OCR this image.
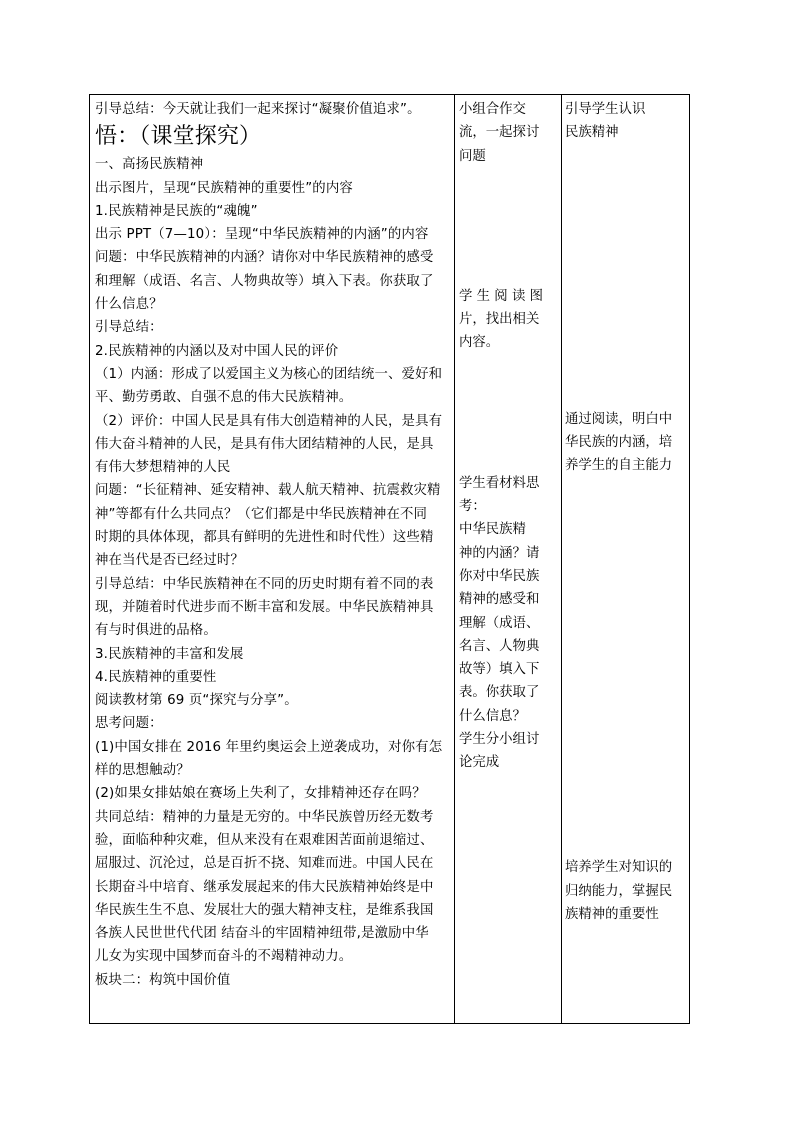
引导总结：今天就让我们一起来探讨“凝聚价值追求”。
悟：（课堂探究）
一、高扬民族精神
出示图片，呈现“民族精神的重要性”的内容
1.民族精神是民族的“魂魄”
出示 PPT（7—10）：呈现“中华民族精神的内涵”的内容
问题：中华民族精神的内涵？请你对中华民族精神的感受
和理解（成语、名言、人物典故等）填入下表。你获取了
什么信息？
引导总结：
2.民族精神的内涵以及对中国人民的评价
（1）内涵：形成了以爱国主义为核心的团结统一、爱好和
平、勤劳勇敢、自强不息的伟大民族精神。
（2）评价：中国人民是具有伟大创造精神的人民，是具有
伟大奋斗精神的人民，是具有伟大团结精神的人民，是具
有伟大梦想精神的人民
问题：“长征精神、延安精神、载人航天精神、抗震救灾精
神”等都有什么共同点？（它们都是中华民族精神在不同
时期的具体体现，都具有鲜明的先进性和时代性）这些精
神在当代是否已经过时？
引导总结：中华民族精神在不同的历史时期有着不同的表
现，并随着时代进步而不断丰富和发展。中华民族精神具
有与时俱进的品格。
3.民族精神的丰富和发展
4.民族精神的重要性
阅读教材第 69 页“探究与分享”。
思考问题：
(1)中国女排在 2016 年里约奥运会上逆袭成功，对你有怎
样的思想触动？
(2)如果女排姑娘在赛场上失利了，女排精神还存在吗？
共同总结：精神的力量是无穷的。中华民族曾历经无数考
验，面临种种灾难，但从来没有在艰难困苦面前退缩过、
屈服过、沉沦过，总是百折不挠、知难而进。中国人民在
长期奋斗中培育、继承发展起来的伟大民族精神始终是中
华民族生生不息、发展壮大的强大精神支柱，是维系我国
各族人民世世代代团 结奋斗的牢固精神纽带,是激励中华
儿女为实现中国梦而奋斗的不竭精神动力。
板块二：构筑中国价值
小组合作交
流，一起探讨
问题
学 生 阅 读 图
片，找出相关
内容。
学生看材料思
考：
中华民族精
神的内涵？请
你对中华民族
精神的感受和
理解（成语、
名言、人物典
故等）填入下
表。你获取了
什么信息？
学生分小组讨
论完成
引导学生认识
民族精神
通过阅读，明白中
华民族的内涵，培
养学生的自主能力
培养学生对知识的
归纳能力，掌握民
族精神的重要性
